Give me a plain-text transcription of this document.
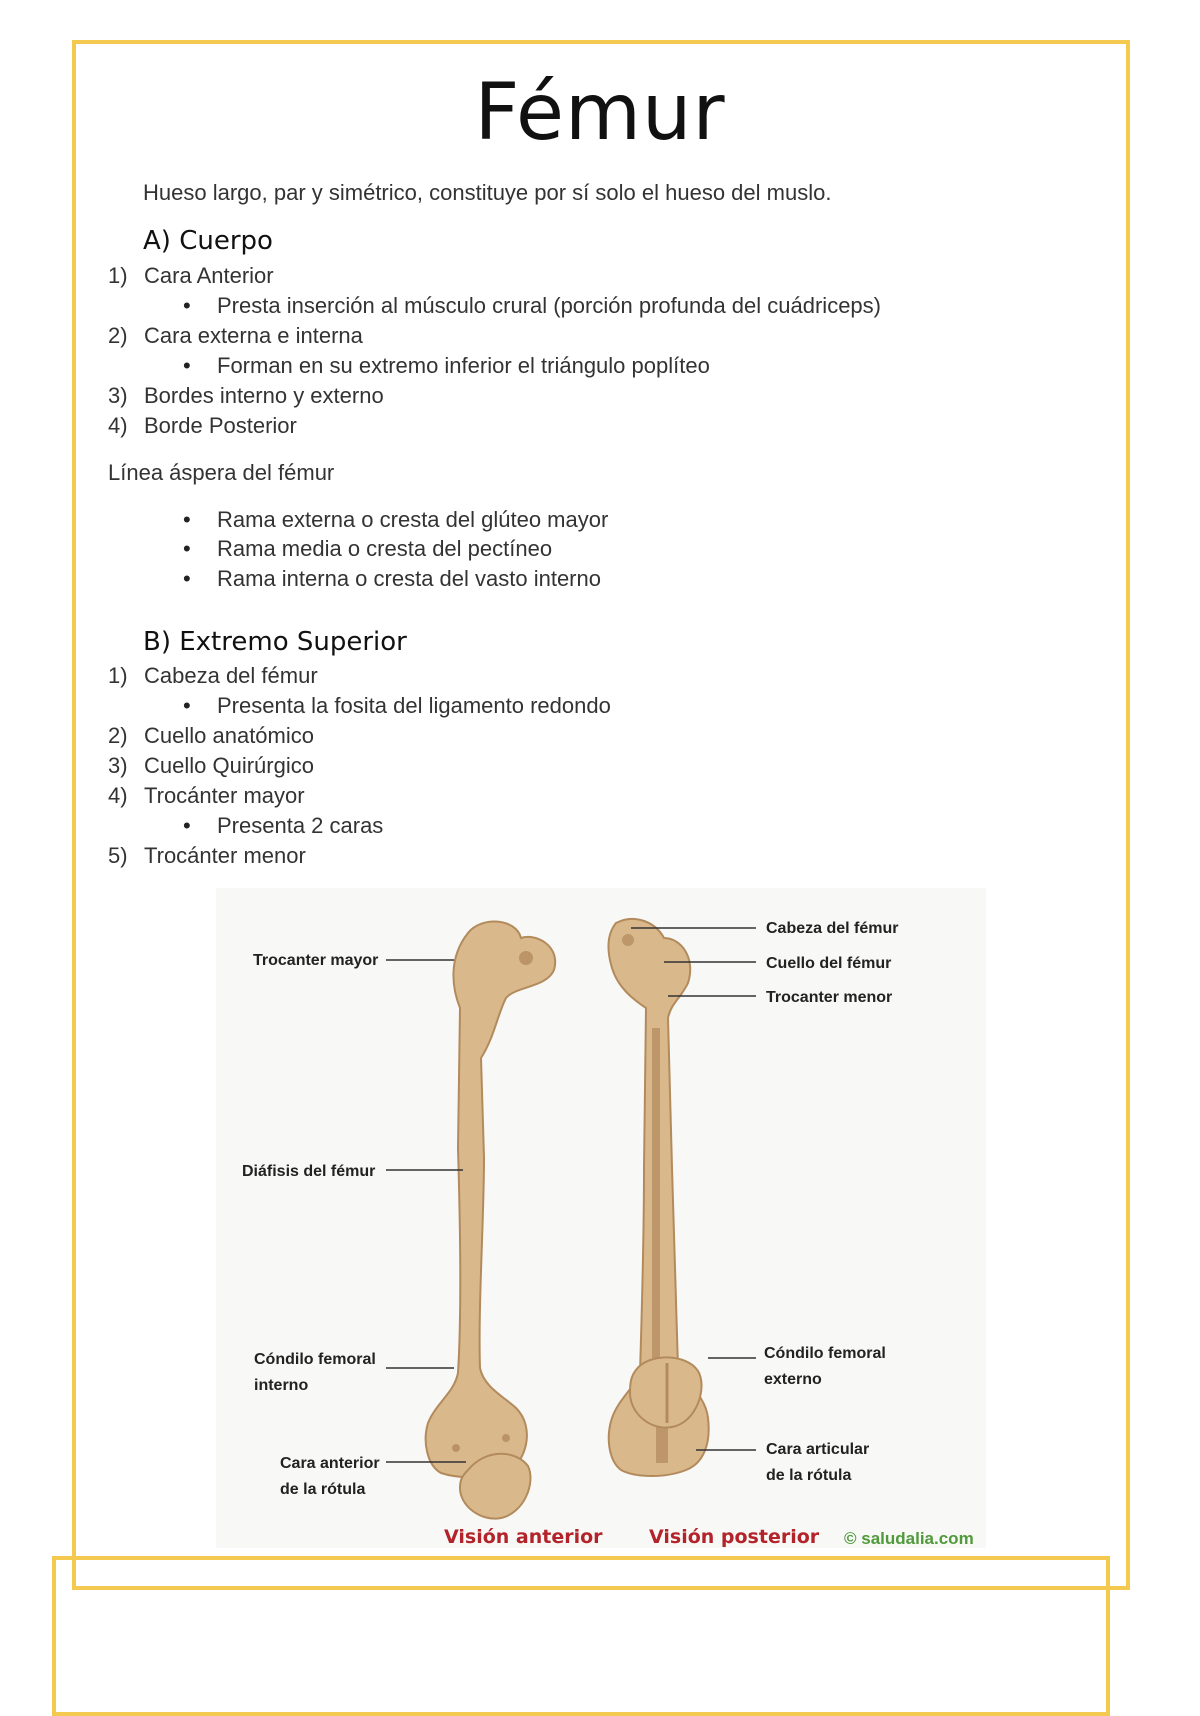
Fémur
Hueso largo, par y simétrico, constituye por sí solo el hueso del muslo.
A) Cuerpo
1) Cara Anterior
• Presta inserción al músculo crural (porción profunda del cuádriceps)
2) Cara externa e interna
• Forman en su extremo inferior el triángulo poplíteo
3) Bordes interno y externo
4) Borde Posterior
Línea áspera del fémur
• Rama externa o cresta del glúteo mayor
• Rama media o cresta del pectíneo
• Rama interna o cresta del vasto interno
B) Extremo Superior
1) Cabeza del fémur
• Presenta la fosita del ligamento redondo
2) Cuello anatómico
3) Cuello Quirúrgico
4) Trocánter mayor
• Presenta 2 caras
5) Trocánter menor
Trocanter mayor
Diáfisis del fémur
Cóndilo femoral
interno
Cara anterior
de la rótula
Cabeza del fémur
Cuello del fémur
Trocanter menor
Cóndilo femoral
externo
Cara articular
de la rótula
Visión anterior Visión posterior © saludalia.com
